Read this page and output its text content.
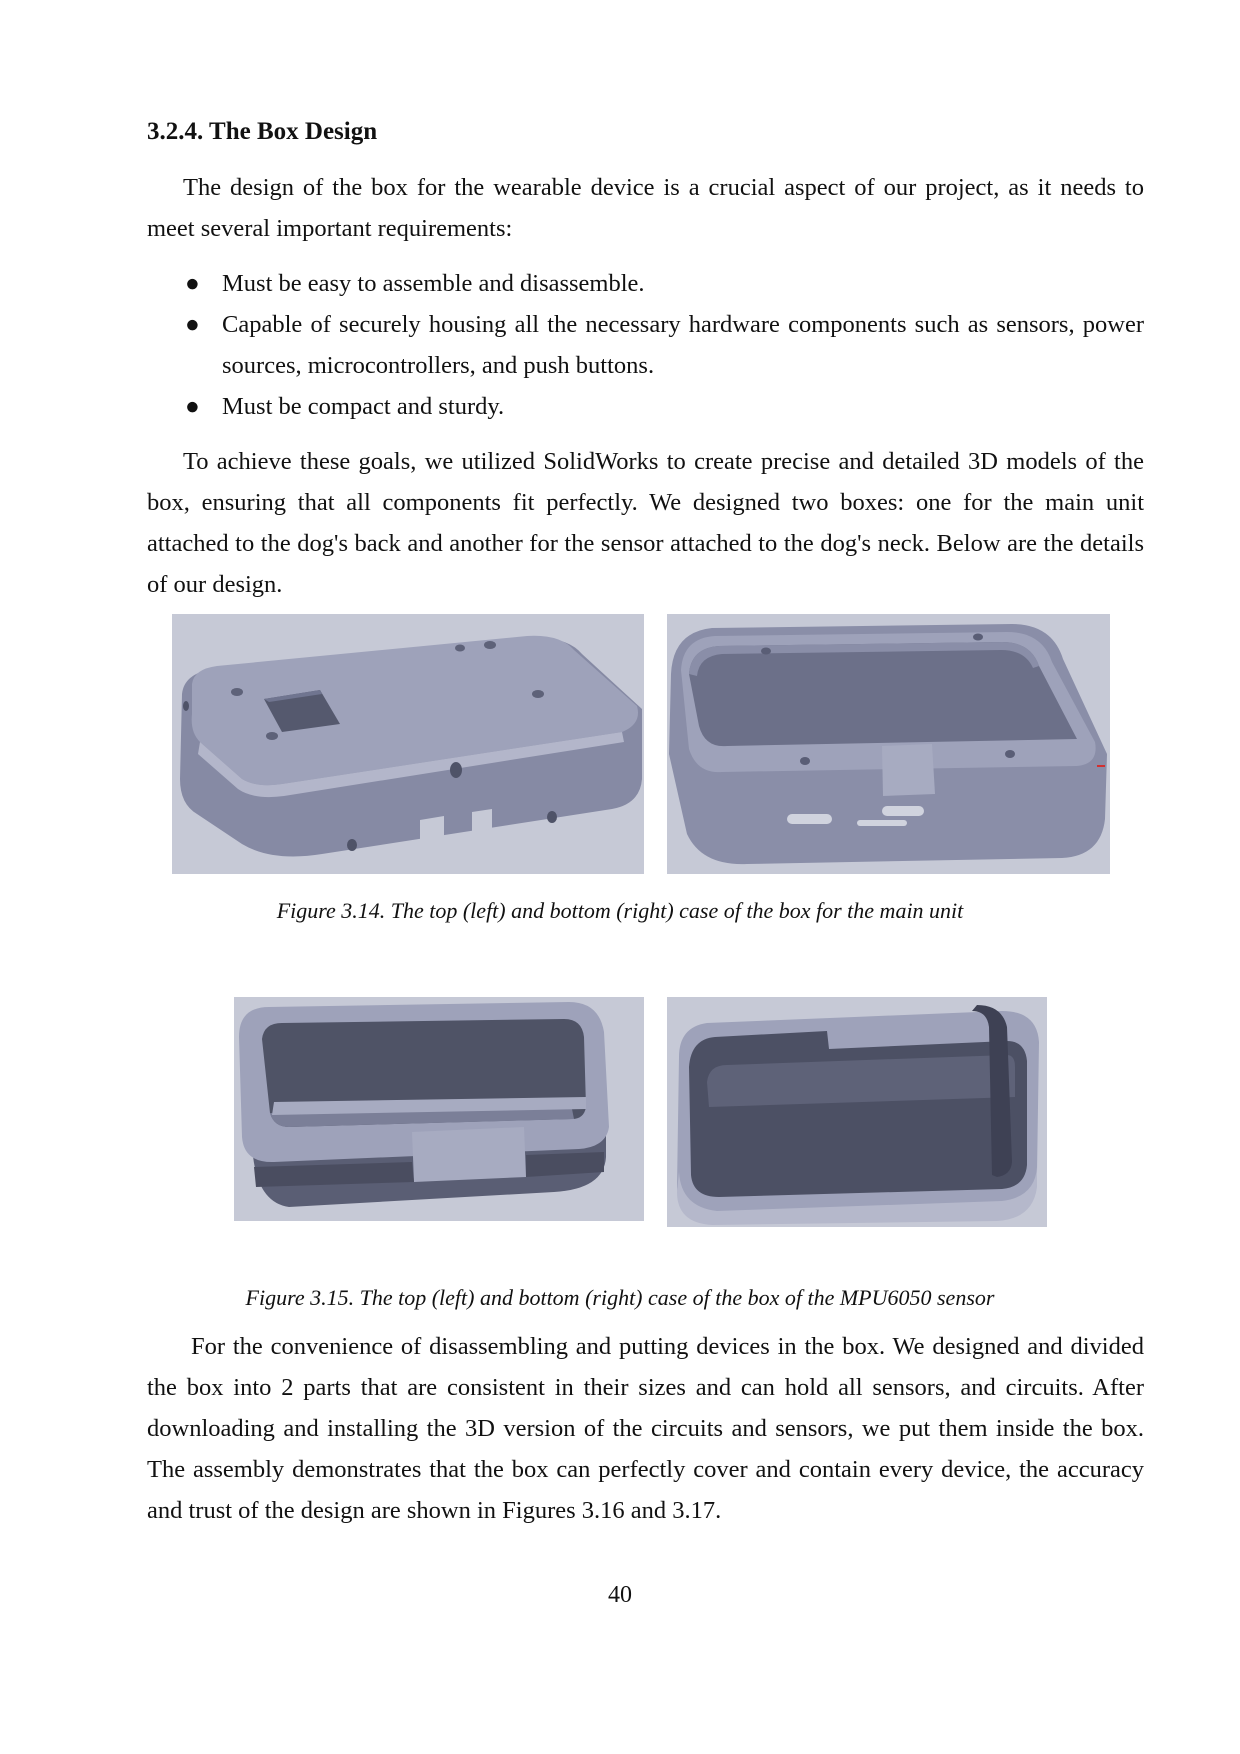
3.2.4. The Box Design

The design of the box for the wearable device is a crucial aspect of our project, as it needs to meet several important requirements:

● Must be easy to assemble and disassemble.
● Capable of securely housing all the necessary hardware components such as sensors, power sources, microcontrollers, and push buttons.
● Must be compact and sturdy.

To achieve these goals, we utilized SolidWorks to create precise and detailed 3D models of the box, ensuring that all components fit perfectly. We designed two boxes: one for the main unit attached to the dog's back and another for the sensor attached to the dog's neck. Below are the details of our design.

Figure 3.14. The top (left) and bottom (right) case of the box for the main unit
Figure 3.15. The top (left) and bottom (right) case of the box of the MPU6050 sensor

For the convenience of disassembling and putting devices in the box. We designed and divided the box into 2 parts that are consistent in their sizes and can hold all sensors, and circuits. After downloading and installing the 3D version of the circuits and sensors, we put them inside the box. The assembly demonstrates that the box can perfectly cover and contain every device, the accuracy and trust of the design are shown in Figures 3.16 and 3.17.

40
